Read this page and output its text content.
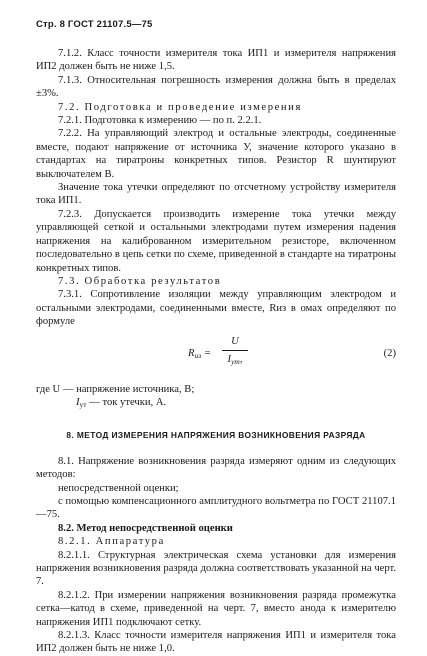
Стр. 8 ГОСТ 21107.5—75

7.1.2. Класс точности измерителя тока ИП1 и измерителя напряжения ИП2 должен быть не ниже 1,5.

7.1.3. Относительная погрешность измерения должна быть в пределах ±3%.

7.2. Подготовка и проведение измерения

7.2.1. Подготовка к измерению — по п. 2.2.1.

7.2.2. На управляющий электрод и остальные электроды, соединенные вместе, подают напряжение от источника У, значение которого указано в стандартах на тиратроны конкретных типов. Резистор R шунтируют выключателем В.

Значение тока утечки определяют по отсчетному устройству измерителя тока ИП1.

7.2.3. Допускается производить измерение тока утечки между управляющей сеткой и остальными электродами путем измерения падения напряжения на калиброванном измерительном резисторе, включенном последовательно в цепь сетки по схеме, приведенной в стандарте на тиратроны конкретных типов.

7.3. Обработка результатов

7.3.1. Сопротивление изоляции между управляющим электродом и остальными электродами, соединенными вместе, Rиз в омах определяют по формуле

$R_{из}$ =
U
$I_{ут}$,
(2)

где U — напряжение источника, В;

$I_{ут}$ — ток утечки, А.

8. МЕТОД ИЗМЕРЕНИЯ НАПРЯЖЕНИЯ ВОЗНИКНОВЕНИЯ РАЗРЯДА

8.1. Напряжение возникновения разряда измеряют одним из следующих методов:

непосредственной оценки;

с помощью компенсационного амплитудного вольтметра по ГОСТ 21107.1—75.

8.2. Метод непосредственной оценки

8.2.1. Аппаратура

8.2.1.1. Структурная электрическая схема установки для измерения напряжения возникновения разряда должна соответствовать указанной на черт. 7.

8.2.1.2. При измерении напряжения возникновения разряда промежутка сетка—катод в схеме, приведенной на черт. 7, вместо анода к измерителю напряжения ИП1 подключают сетку.

8.2.1.3. Класс точности измерителя напряжения ИП1 и измерителя тока ИП2 должен быть не ниже 1,0.
